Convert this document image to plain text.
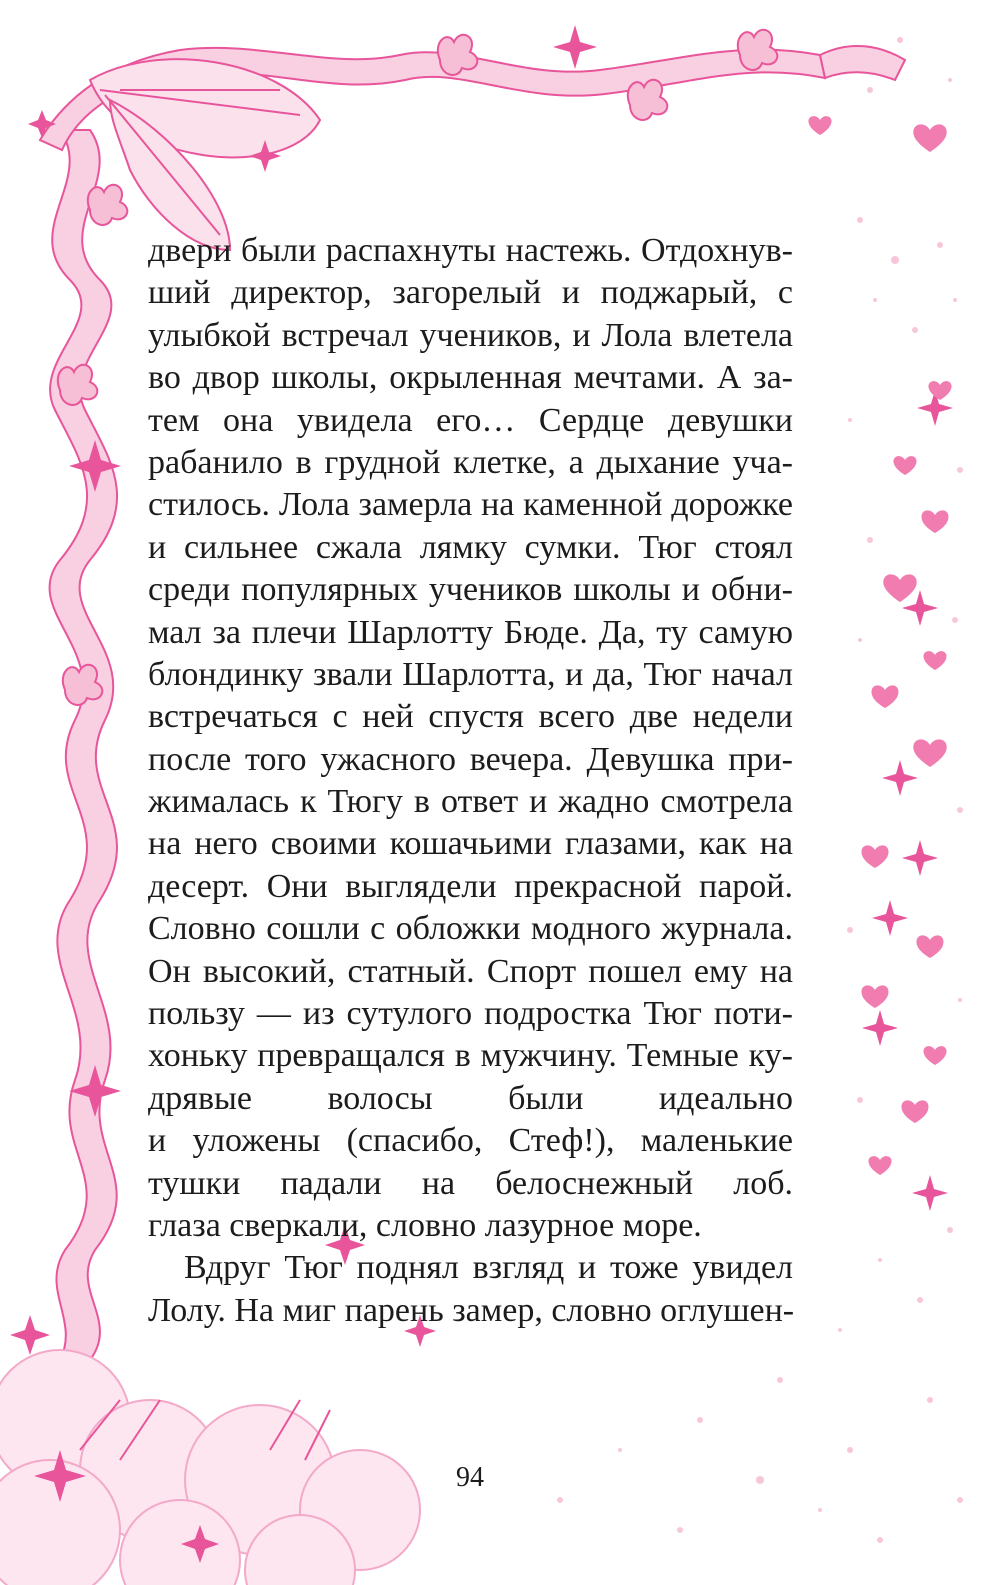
двери были распахнуты настежь. Отдохнув-
ший директор, загорелый и поджарый, с
улыбкой встречал учеников, и Лола влетела
во двор школы, окрыленная мечтами. А за-
тем она увидела его… Сердце девушки
рабанило в грудной клетке, а дыхание уча-
стилось. Лола замерла на каменной дорожке
и сильнее сжала лямку сумки. Тюг стоял
среди популярных учеников школы и обни-
мал за плечи Шарлотту Бюде. Да, ту самую
блондинку звали Шарлотта, и да, Тюг начал
встречаться с ней спустя всего две недели
после того ужасного вечера. Девушка при-
жималась к Тюгу в ответ и жадно смотрела
на него своими кошачьими глазами, как на
десерт. Они выглядели прекрасной парой.
Словно сошли с обложки модного журнала.
Он высокий, статный. Спорт пошел ему на
пользу — из сутулого подростка Тюг поти-
хоньку превращался в мужчину. Темные ку-
дрявые волосы были идеально
и уложены (спасибо, Стеф!), маленькие
тушки падали на белоснежный лоб.
глаза сверкали, словно лазурное море.
Вдруг Тюг поднял взгляд и тоже увидел
Лолу. На миг парень замер, словно оглушен-
94
